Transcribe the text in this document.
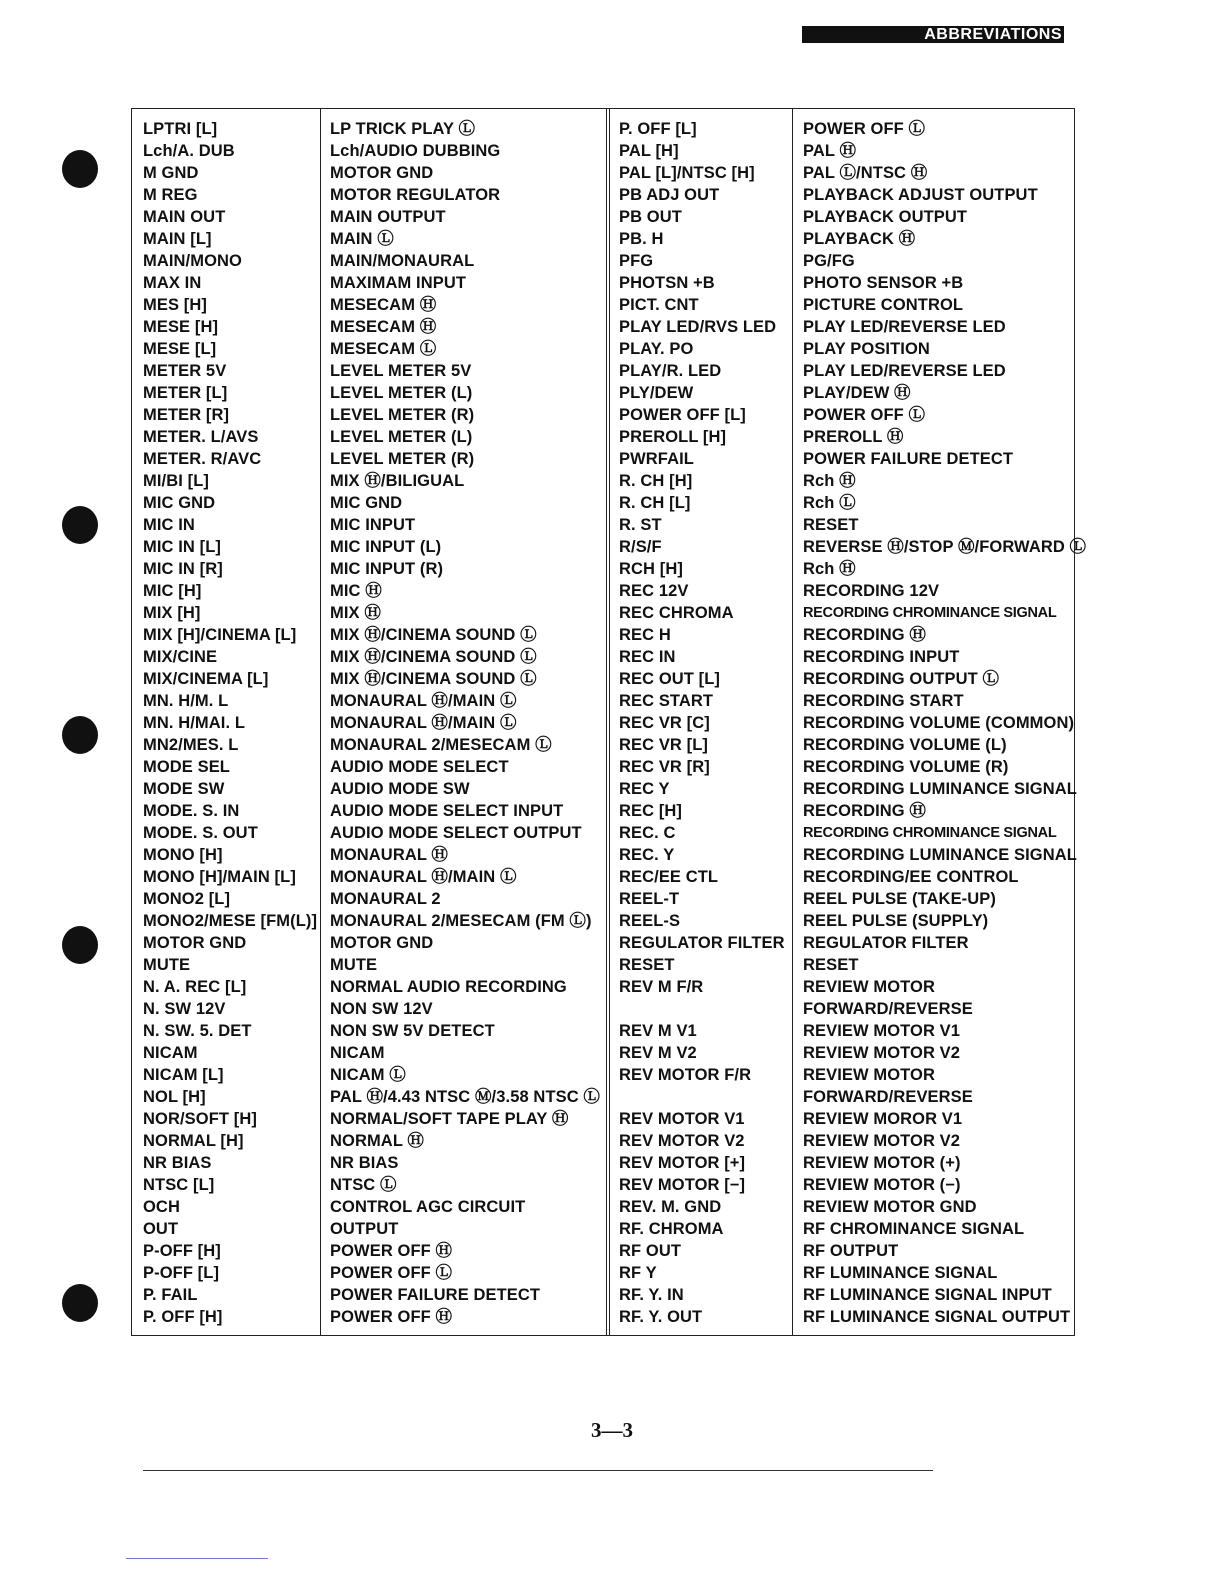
ABBREVIATIONS
LPTRI [L]
Lch/A. DUB
M GND
M REG
MAIN OUT
MAIN [L]
MAIN/MONO
MAX IN
MES [H]
MESE [H]
MESE [L]
METER 5V
METER [L]
METER [R]
METER. L/AVS
METER. R/AVC
MI/BI [L]
MIC GND
MIC IN
MIC IN [L]
MIC IN [R]
MIC [H]
MIX [H]
MIX [H]/CINEMA [L]
MIX/CINE
MIX/CINEMA [L]
MN. H/M. L
MN. H/MAI. L
MN2/MES. L
MODE SEL
MODE SW
MODE. S. IN
MODE. S. OUT
MONO [H]
MONO [H]/MAIN [L]
MONO2 [L]
MONO2/MESE [FM(L)]
MOTOR GND
MUTE
N. A. REC [L]
N. SW 12V
N. SW. 5. DET
NICAM
NICAM [L]
NOL [H]
NOR/SOFT [H]
NORMAL [H]
NR BIAS
NTSC [L]
OCH
OUT
P-OFF [H]
P-OFF [L]
P. FAIL
P. OFF [H]
LP TRICK PLAY Ⓛ
Lch/AUDIO DUBBING
MOTOR GND
MOTOR REGULATOR
MAIN OUTPUT
MAIN Ⓛ
MAIN/MONAURAL
MAXIMAM INPUT
MESECAM Ⓗ
MESECAM Ⓗ
MESECAM Ⓛ
LEVEL METER 5V
LEVEL METER (L)
LEVEL METER (R)
LEVEL METER (L)
LEVEL METER (R)
MIX Ⓗ/BILIGUAL
MIC GND
MIC INPUT
MIC INPUT (L)
MIC INPUT (R)
MIC Ⓗ
MIX Ⓗ
MIX Ⓗ/CINEMA SOUND Ⓛ
MIX Ⓗ/CINEMA SOUND Ⓛ
MIX Ⓗ/CINEMA SOUND Ⓛ
MONAURAL Ⓗ/MAIN Ⓛ
MONAURAL Ⓗ/MAIN Ⓛ
MONAURAL 2/MESECAM Ⓛ
AUDIO MODE SELECT
AUDIO MODE SW
AUDIO MODE SELECT INPUT
AUDIO MODE SELECT OUTPUT
MONAURAL Ⓗ
MONAURAL Ⓗ/MAIN Ⓛ
MONAURAL 2
MONAURAL 2/MESECAM (FM Ⓛ)
MOTOR GND
MUTE
NORMAL AUDIO RECORDING
NON SW 12V
NON SW 5V DETECT
NICAM
NICAM Ⓛ
PAL Ⓗ/4.43 NTSC Ⓜ/3.58 NTSC Ⓛ
NORMAL/SOFT TAPE PLAY Ⓗ
NORMAL Ⓗ
NR BIAS
NTSC Ⓛ
CONTROL AGC CIRCUIT
OUTPUT
POWER OFF Ⓗ
POWER OFF Ⓛ
POWER FAILURE DETECT
POWER OFF Ⓗ
P. OFF [L]
PAL [H]
PAL [L]/NTSC [H]
PB ADJ OUT
PB OUT
PB. H
PFG
PHOTSN +B
PICT. CNT
PLAY LED/RVS LED
PLAY. PO
PLAY/R. LED
PLY/DEW
POWER OFF [L]
PREROLL [H]
PWRFAIL
R. CH [H]
R. CH [L]
R. ST
R/S/F
RCH [H]
REC 12V
REC CHROMA
REC H
REC IN
REC OUT [L]
REC START
REC VR [C]
REC VR [L]
REC VR [R]
REC Y
REC [H]
REC. C
REC. Y
REC/EE CTL
REEL-T
REEL-S
REGULATOR FILTER
RESET
REV M F/R
REV M V1
REV M V2
REV MOTOR F/R
REV MOTOR V1
REV MOTOR V2
REV MOTOR [+]
REV MOTOR [−]
REV. M. GND
RF. CHROMA
RF OUT
RF Y
RF. Y. IN
RF. Y. OUT
POWER OFF Ⓛ
PAL Ⓗ
PAL Ⓛ/NTSC Ⓗ
PLAYBACK ADJUST OUTPUT
PLAYBACK OUTPUT
PLAYBACK Ⓗ
PG/FG
PHOTO SENSOR +B
PICTURE CONTROL
PLAY LED/REVERSE LED
PLAY POSITION
PLAY LED/REVERSE LED
PLAY/DEW Ⓗ
POWER OFF Ⓛ
PREROLL Ⓗ
POWER FAILURE DETECT
Rch Ⓗ
Rch Ⓛ
RESET
REVERSE Ⓗ/STOP Ⓜ/FORWARD Ⓛ
Rch Ⓗ
RECORDING 12V
RECORDING CHROMINANCE SIGNAL
RECORDING Ⓗ
RECORDING INPUT
RECORDING OUTPUT Ⓛ
RECORDING START
RECORDING VOLUME (COMMON)
RECORDING VOLUME (L)
RECORDING VOLUME (R)
RECORDING LUMINANCE SIGNAL
RECORDING Ⓗ
RECORDING CHROMINANCE SIGNAL
RECORDING LUMINANCE SIGNAL
RECORDING/EE CONTROL
REEL PULSE (TAKE-UP)
REEL PULSE (SUPPLY)
REGULATOR FILTER
RESET
REVIEW MOTOR
FORWARD/REVERSE
REVIEW MOTOR V1
REVIEW MOTOR V2
REVIEW MOTOR
FORWARD/REVERSE
REVIEW MOROR V1
REVIEW MOTOR V2
REVIEW MOTOR (+)
REVIEW MOTOR (−)
REVIEW MOTOR GND
RF CHROMINANCE SIGNAL
RF OUTPUT
RF LUMINANCE SIGNAL
RF LUMINANCE SIGNAL INPUT
RF LUMINANCE SIGNAL OUTPUT
3—3
